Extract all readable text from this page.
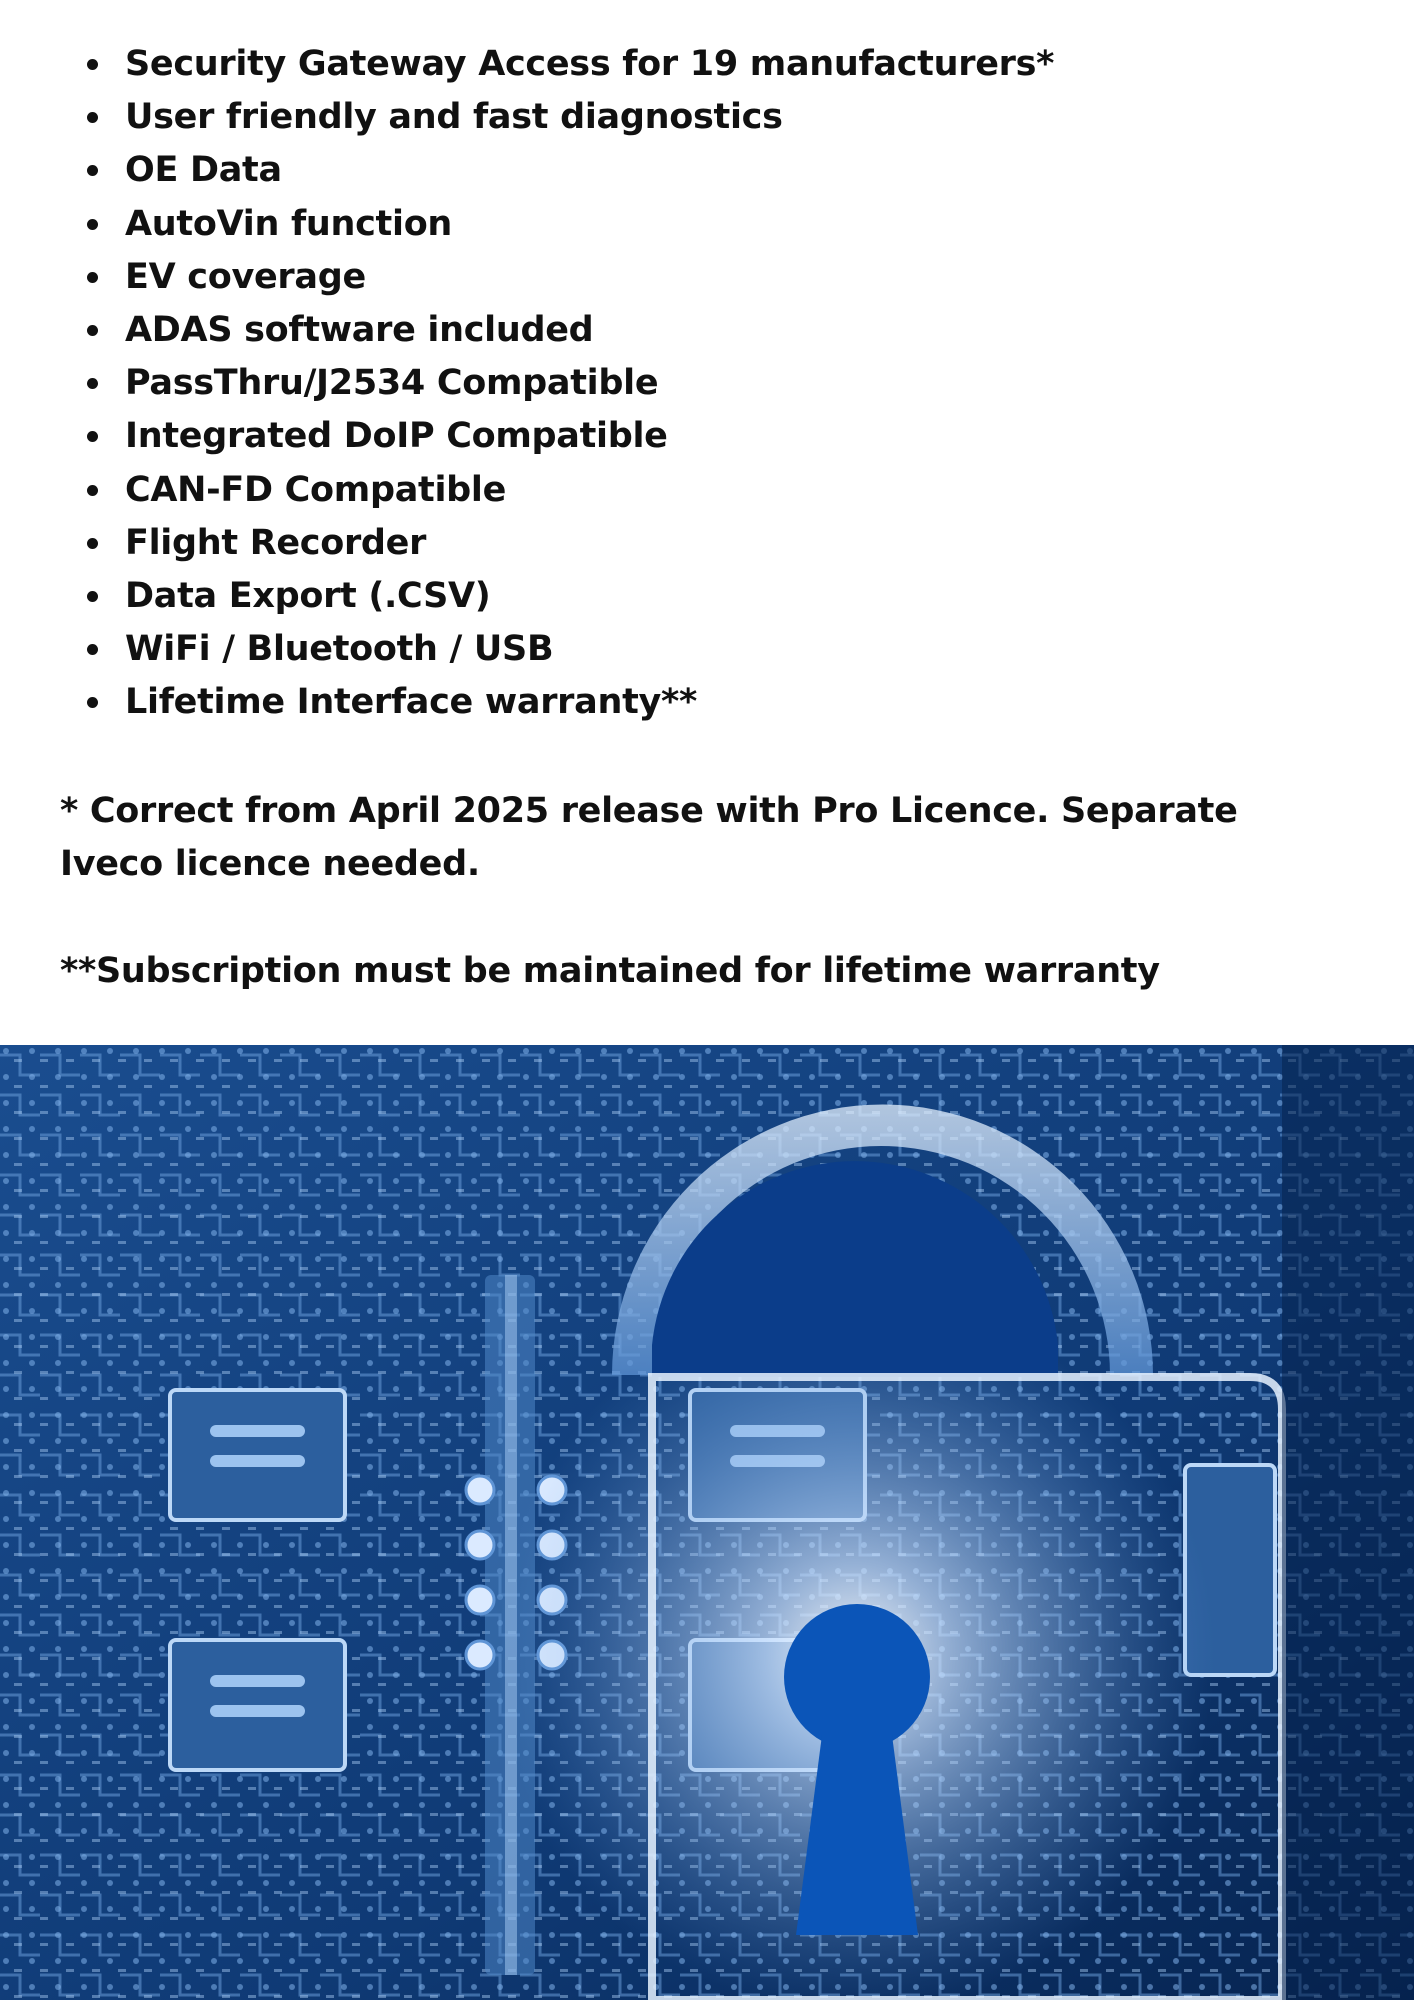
Security Gateway Access for 19 manufacturers*
User friendly and fast diagnostics
OE Data
AutoVin function
EV coverage
ADAS software included
PassThru/J2534 Compatible
Integrated DoIP Compatible
CAN-FD Compatible
Flight Recorder
Data Export (.CSV)
WiFi / Bluetooth / USB
Lifetime Interface warranty**

* Correct from April 2025 release with Pro Licence. Separate Iveco licence needed.

**Subscription must be maintained for lifetime warranty
